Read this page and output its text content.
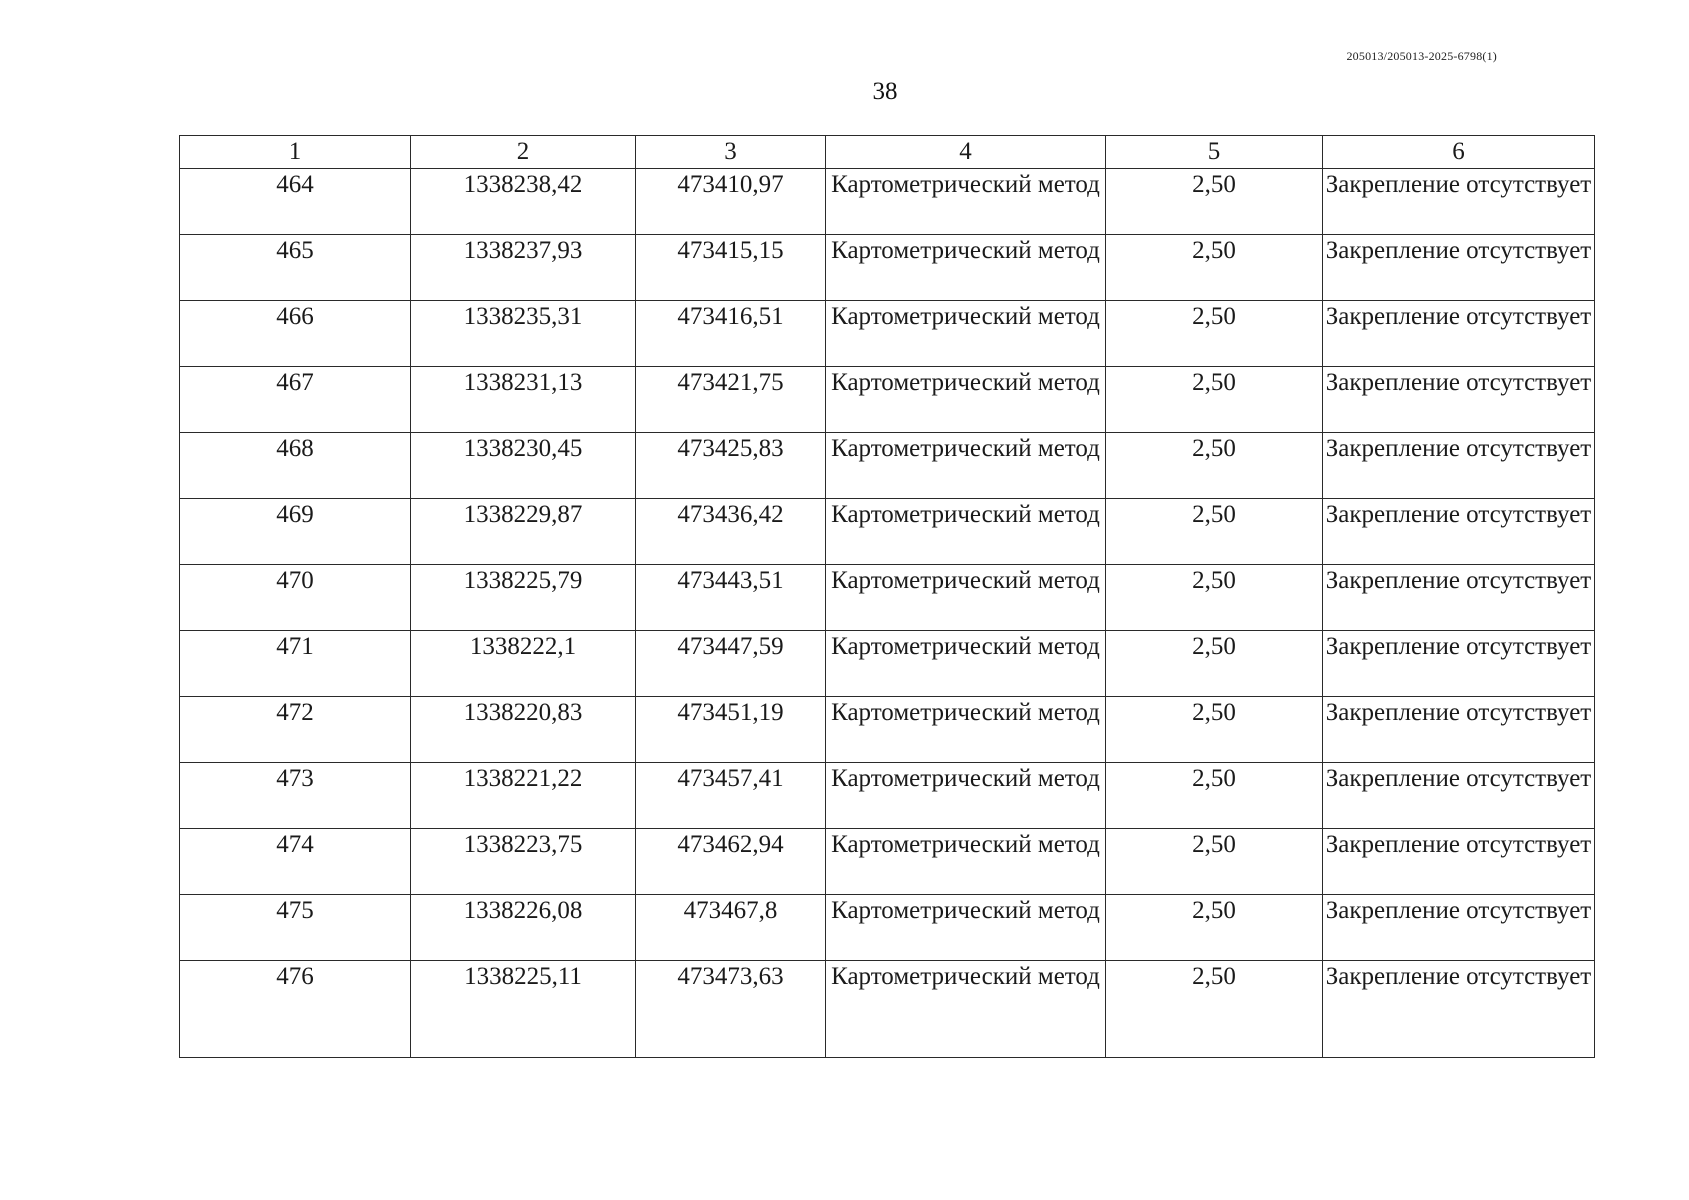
205013/205013-2025-6798(1)
38
1	2	3	4	5	6
464	1338238,42	473410,97	Картометрический метод	2,50	Закрепление отсутствует
465	1338237,93	473415,15	Картометрический метод	2,50	Закрепление отсутствует
466	1338235,31	473416,51	Картометрический метод	2,50	Закрепление отсутствует
467	1338231,13	473421,75	Картометрический метод	2,50	Закрепление отсутствует
468	1338230,45	473425,83	Картометрический метод	2,50	Закрепление отсутствует
469	1338229,87	473436,42	Картометрический метод	2,50	Закрепление отсутствует
470	1338225,79	473443,51	Картометрический метод	2,50	Закрепление отсутствует
471	1338222,1	473447,59	Картометрический метод	2,50	Закрепление отсутствует
472	1338220,83	473451,19	Картометрический метод	2,50	Закрепление отсутствует
473	1338221,22	473457,41	Картометрический метод	2,50	Закрепление отсутствует
474	1338223,75	473462,94	Картометрический метод	2,50	Закрепление отсутствует
475	1338226,08	473467,8	Картометрический метод	2,50	Закрепление отсутствует
476	1338225,11	473473,63	Картометрический метод	2,50	Закрепление отсутствует
